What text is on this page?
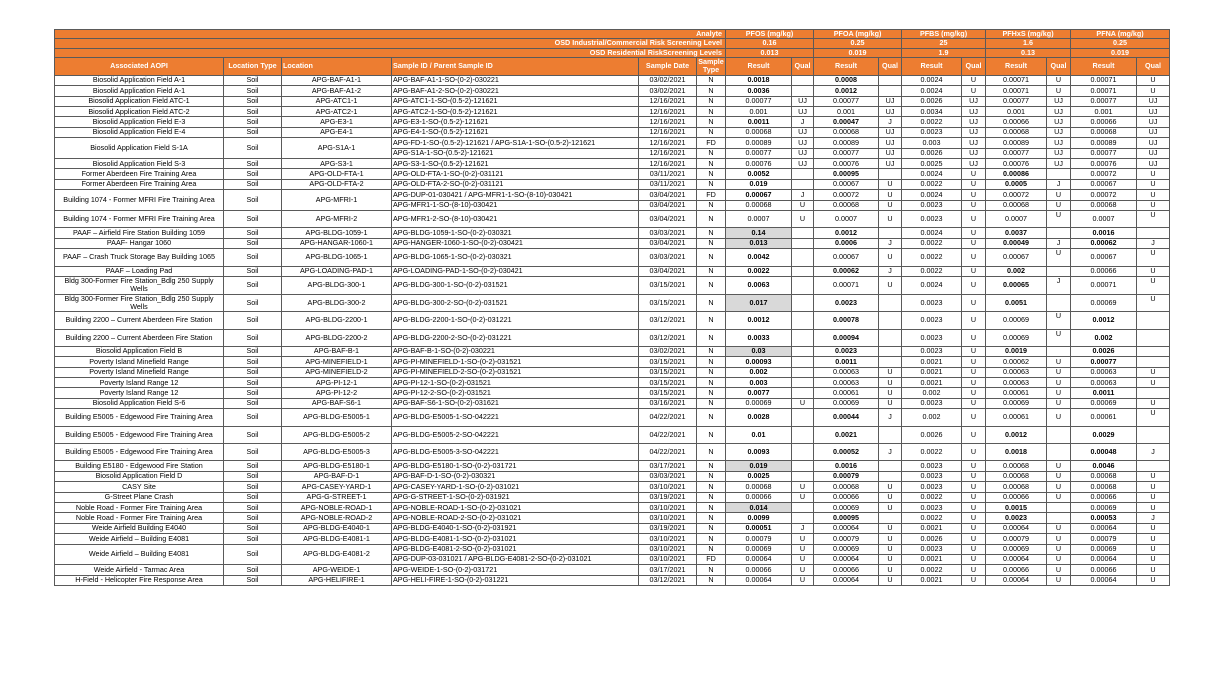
Analyte						PFOS (mg/kg)		PFOA (mg/kg)		PFBS (mg/kg)		PFHxS (mg/kg)		PFNA (mg/kg)	
OSD Industrial/Commercial Risk Screening Level						0.16		0.25		25		1.6		0.25	
OSD Residential RiskScreening Levels						0.013		0.019		1.9		0.13		0.019	
Associated AOPI	Location Type	Location	Sample ID / Parent Sample ID	Sample Date	Sample Type	Result	Qual	Result	Qual	Result	Qual	Result	Qual	Result	Qual
Biosolid Application Field A-1	Soil	APG-BAF-A1-1	APG-BAF-A1-1-SO-(0-2)-030221	03/02/2021	N	0.0018		0.0008		0.0024	U	0.00071	U	0.00071	U
Biosolid Application Field A-1	Soil	APG-BAF-A1-2	APG-BAF-A1-2-SO-(0-2)-030221	03/02/2021	N	0.0036		0.0012		0.0024	U	0.00071	U	0.00071	U
Biosolid Application Field ATC-1	Soil	APG-ATC1-1	APG-ATC1-1-SO-(0.5-2)-121621	12/16/2021	N	0.00077	UJ	0.00077	UJ	0.0026	UJ	0.00077	UJ	0.00077	UJ
Biosolid Application Field ATC-2	Soil	APG-ATC2-1	APG-ATC2-1-SO-(0.5-2)-121621	12/16/2021	N	0.001	UJ	0.001	UJ	0.0034	UJ	0.001	UJ	0.001	UJ
Biosolid Application Field E-3	Soil	APG-E3-1	APG-E3-1-SO-(0.5-2)-121621	12/16/2021	N	0.0011	J	0.00047	J	0.0022	UJ	0.00066	UJ	0.00066	UJ
Biosolid Application Field E-4	Soil	APG-E4-1	APG-E4-1-SO-(0.5-2)-121621	12/16/2021	N	0.00068	UJ	0.00068	UJ	0.0023	UJ	0.00068	UJ	0.00068	UJ
Biosolid Application Field S-1A	Soil	APG-S1A-1	APG-FD-1-SO-(0.5-2)-121621 / APG-S1A-1-SO-(0.5-2)-121621	12/16/2021	FD	0.00089	UJ	0.00089	UJ	0.003	UJ	0.00089	UJ	0.00089	UJ
			APG-S1A-1-SO-(0.5-2)-121621	12/16/2021	N	0.00077	UJ	0.00077	UJ	0.0026	UJ	0.00077	UJ	0.00077	UJ
Biosolid Application Field S-3	Soil	APG-S3-1	APG-S3-1-SO-(0.5-2)-121621	12/16/2021	N	0.00076	UJ	0.00076	UJ	0.0025	UJ	0.00076	UJ	0.00076	UJ
Former Aberdeen Fire Training Area	Soil	APG-OLD-FTA-1	APG-OLD-FTA-1-SO-(0-2)-031121	03/11/2021	N	0.0052		0.00095		0.0024	U	0.00086		0.00072	U
Former Aberdeen Fire Training Area	Soil	APG-OLD-FTA-2	APG-OLD-FTA-2-SO-(0-2)-031121	03/11/2021	N	0.019		0.00067	U	0.0022	U	0.0005	J	0.00067	U
Building 1074 - Former MFRI Fire Training Area	Soil	APG-MFRI-1	APG-DUP-01-030421 / APG-MFR1-1-SO-(8-10)-030421	03/04/2021	FD	0.00067	J	0.00072	U	0.0024	U	0.00072	U	0.00072	U
			APG-MFR1-1-SO-(8-10)-030421	03/04/2021	N	0.00068	U	0.00068	U	0.0023	U	0.00068	U	0.00068	U
Building 1074 - Former MFRI Fire Training Area	Soil	APG-MFRI-2	APG-MFR1-2-SO-(8-10)-030421	03/04/2021	N	0.0007	U	0.0007	U	0.0023	U	0.0007	U	0.0007	U
PAAF – Airfield Fire Station Building 1059	Soil	APG-BLDG-1059-1	APG-BLDG-1059-1-SO-(0-2)-030321	03/03/2021	N	0.14		0.0012		0.0024	U	0.0037		0.0016	
PAAF- Hangar 1060	Soil	APG-HANGAR-1060-1	APG-HANGER-1060-1-SO-(0-2)-030421	03/04/2021	N	0.013		0.0006	J	0.0022	U	0.00049	J	0.00062	J
PAAF – Crash Truck Storage Bay Building 1065	Soil	APG-BLDG-1065-1	APG-BLDG-1065-1-SO-(0-2)-030321	03/03/2021	N	0.0042		0.00067	U	0.0022	U	0.00067	U	0.00067	U
PAAF – Loading Pad	Soil	APG-LOADING-PAD-1	APG-LOADING-PAD-1-SO-(0-2)-030421	03/04/2021	N	0.0022		0.00062	J	0.0022	U	0.002		0.00066	U
Bldg 300-Former Fire Station_Bdlg 250 Supply Wells	Soil	APG-BLDG-300-1	APG-BLDG-300-1-SO-(0-2)-031521	03/15/2021	N	0.0063		0.00071	U	0.0024	U	0.00065	J	0.00071	U
Bldg 300-Former Fire Station_Bdlg 250 Supply Wells	Soil	APG-BLDG-300-2	APG-BLDG-300-2-SO-(0-2)-031521	03/15/2021	N	0.017		0.0023		0.0023	U	0.0051		0.00069	U
Building 2200 – Current Aberdeen Fire Station	Soil	APG-BLDG-2200-1	APG-BLDG-2200-1-SO-(0-2)-031221	03/12/2021	N	0.0012		0.00078		0.0023	U	0.00069	U	0.0012	
Building 2200 – Current Aberdeen Fire Station	Soil	APG-BLDG-2200-2	APG-BLDG-2200-2-SO-(0-2)-031221	03/12/2021	N	0.0033		0.00094		0.0023	U	0.00069	U	0.002	
Biosolid Application Field B	Soil	APG-BAF-B-1	APG-BAF-B-1-SO-(0-2)-030221	03/02/2021	N	0.03		0.0023		0.0023	U	0.0019		0.0026	
Poverty Island Minefield Range	Soil	APG-MINEFIELD-1	APG-PI-MINEFIELD-1-SO-(0-2)-031521	03/15/2021	N	0.00093		0.0011		0.0021	U	0.00062	U	0.00077	
Poverty Island Minefield Range	Soil	APG-MINEFIELD-2	APG-PI-MINEFIELD-2-SO-(0-2)-031521	03/15/2021	N	0.002		0.00063	U	0.0021	U	0.00063	U	0.00063	U
Poverty Island Range 12	Soil	APG-PI-12-1	APG-PI-12-1-SO-(0-2)-031521	03/15/2021	N	0.003		0.00063	U	0.0021	U	0.00063	U	0.00063	U
Poverty Island Range 12	Soil	APG-PI-12-2	APG-PI-12-2-SO-(0-2)-031521	03/15/2021	N	0.0077		0.00061	U	0.002	U	0.00061	U	0.0011	
Biosolid Application Field S-6	Soil	APG-BAF-S6-1	APG-BAF-S6-1-SO-(0-2)-031621	03/16/2021	N	0.00069	U	0.00069	U	0.0023	U	0.00069	U	0.00069	U
Building E5005 - Edgewood Fire Training Area	Soil	APG-BLDG-E5005-1	APG-BLDG-E5005-1-SO-042221	04/22/2021	N	0.0028		0.00044	J	0.002	U	0.00061	U	0.00061	U
Building E5005 - Edgewood Fire Training Area	Soil	APG-BLDG-E5005-2	APG-BLDG-E5005-2-SO-042221	04/22/2021	N	0.01		0.0021		0.0026	U	0.0012		0.0029	
Building E5005 - Edgewood Fire Training Area	Soil	APG-BLDG-E5005-3	APG-BLDG-E5005-3-SO-042221	04/22/2021	N	0.0093		0.00052	J	0.0022	U	0.0018		0.00048	J
Building E5180 - Edgewood Fire Station	Soil	APG-BLDG-E5180-1	APG-BLDG-E5180-1-SO-(0-2)-031721	03/17/2021	N	0.019		0.0016		0.0023	U	0.00068	U	0.0046	
Biosolid Application Field D	Soil	APG-BAF-D-1	APG-BAF-D-1-SO-(0-2)-030321	03/03/2021	N	0.0025		0.00079		0.0023	U	0.00068	U	0.00068	U
CASY Site	Soil	APG-CASEY-YARD-1	APG-CASEY-YARD-1-SO-(0-2)-031021	03/10/2021	N	0.00068	U	0.00068	U	0.0023	U	0.00068	U	0.00068	U
G-Street Plane Crash	Soil	APG-G-STREET-1	APG-G-STREET-1-SO-(0-2)-031921	03/19/2021	N	0.00066	U	0.00066	U	0.0022	U	0.00066	U	0.00066	U
Noble Road - Former Fire Training Area	Soil	APG-NOBLE-ROAD-1	APG-NOBLE-ROAD-1-SO-(0-2)-031021	03/10/2021	N	0.014		0.00069	U	0.0023	U	0.0015		0.00069	U
Noble Road - Former Fire Training Area	Soil	APG-NOBLE-ROAD-2	APG-NOBLE-ROAD-2-SO-(0-2)-031021	03/10/2021	N	0.0099		0.00095		0.0022	U	0.0023		0.00053	J
Weide Airfield Building E4040	Soil	APG-BLDG-E4040-1	APG-BLDG-E4040-1-SO-(0-2)-031921	03/19/2021	N	0.00051	J	0.00064	U	0.0021	U	0.00064	U	0.00064	U
Weide Airfield – Building E4081	Soil	APG-BLDG-E4081-1	APG-BLDG-E4081-1-SO-(0-2)-031021	03/10/2021	N	0.00079	U	0.00079	U	0.0026	U	0.00079	U	0.00079	U
Weide Airfield – Building E4081	Soil	APG-BLDG-E4081-2	APG-BLDG-E4081-2-SO-(0-2)-031021	03/10/2021	N	0.00069	U	0.00069	U	0.0023	U	0.00069	U	0.00069	U
			APG-DUP-03-031021 / APG-BLDG-E4081-2-SO-(0-2)-031021	03/10/2021	FD	0.00064	U	0.00064	U	0.0021	U	0.00064	U	0.00064	U
Weide Airfield - Tarmac Area	Soil	APG-WEIDE-1	APG-WEIDE-1-SO-(0-2)-031721	03/17/2021	N	0.00066	U	0.00066	U	0.0022	U	0.00066	U	0.00066	U
H-Field - Helicopter Fire Response Area	Soil	APG-HELIFIRE-1	APG-HELI-FIRE-1-SO-(0-2)-031221	03/12/2021	N	0.00064	U	0.00064	U	0.0021	U	0.00064	U	0.00064	U
